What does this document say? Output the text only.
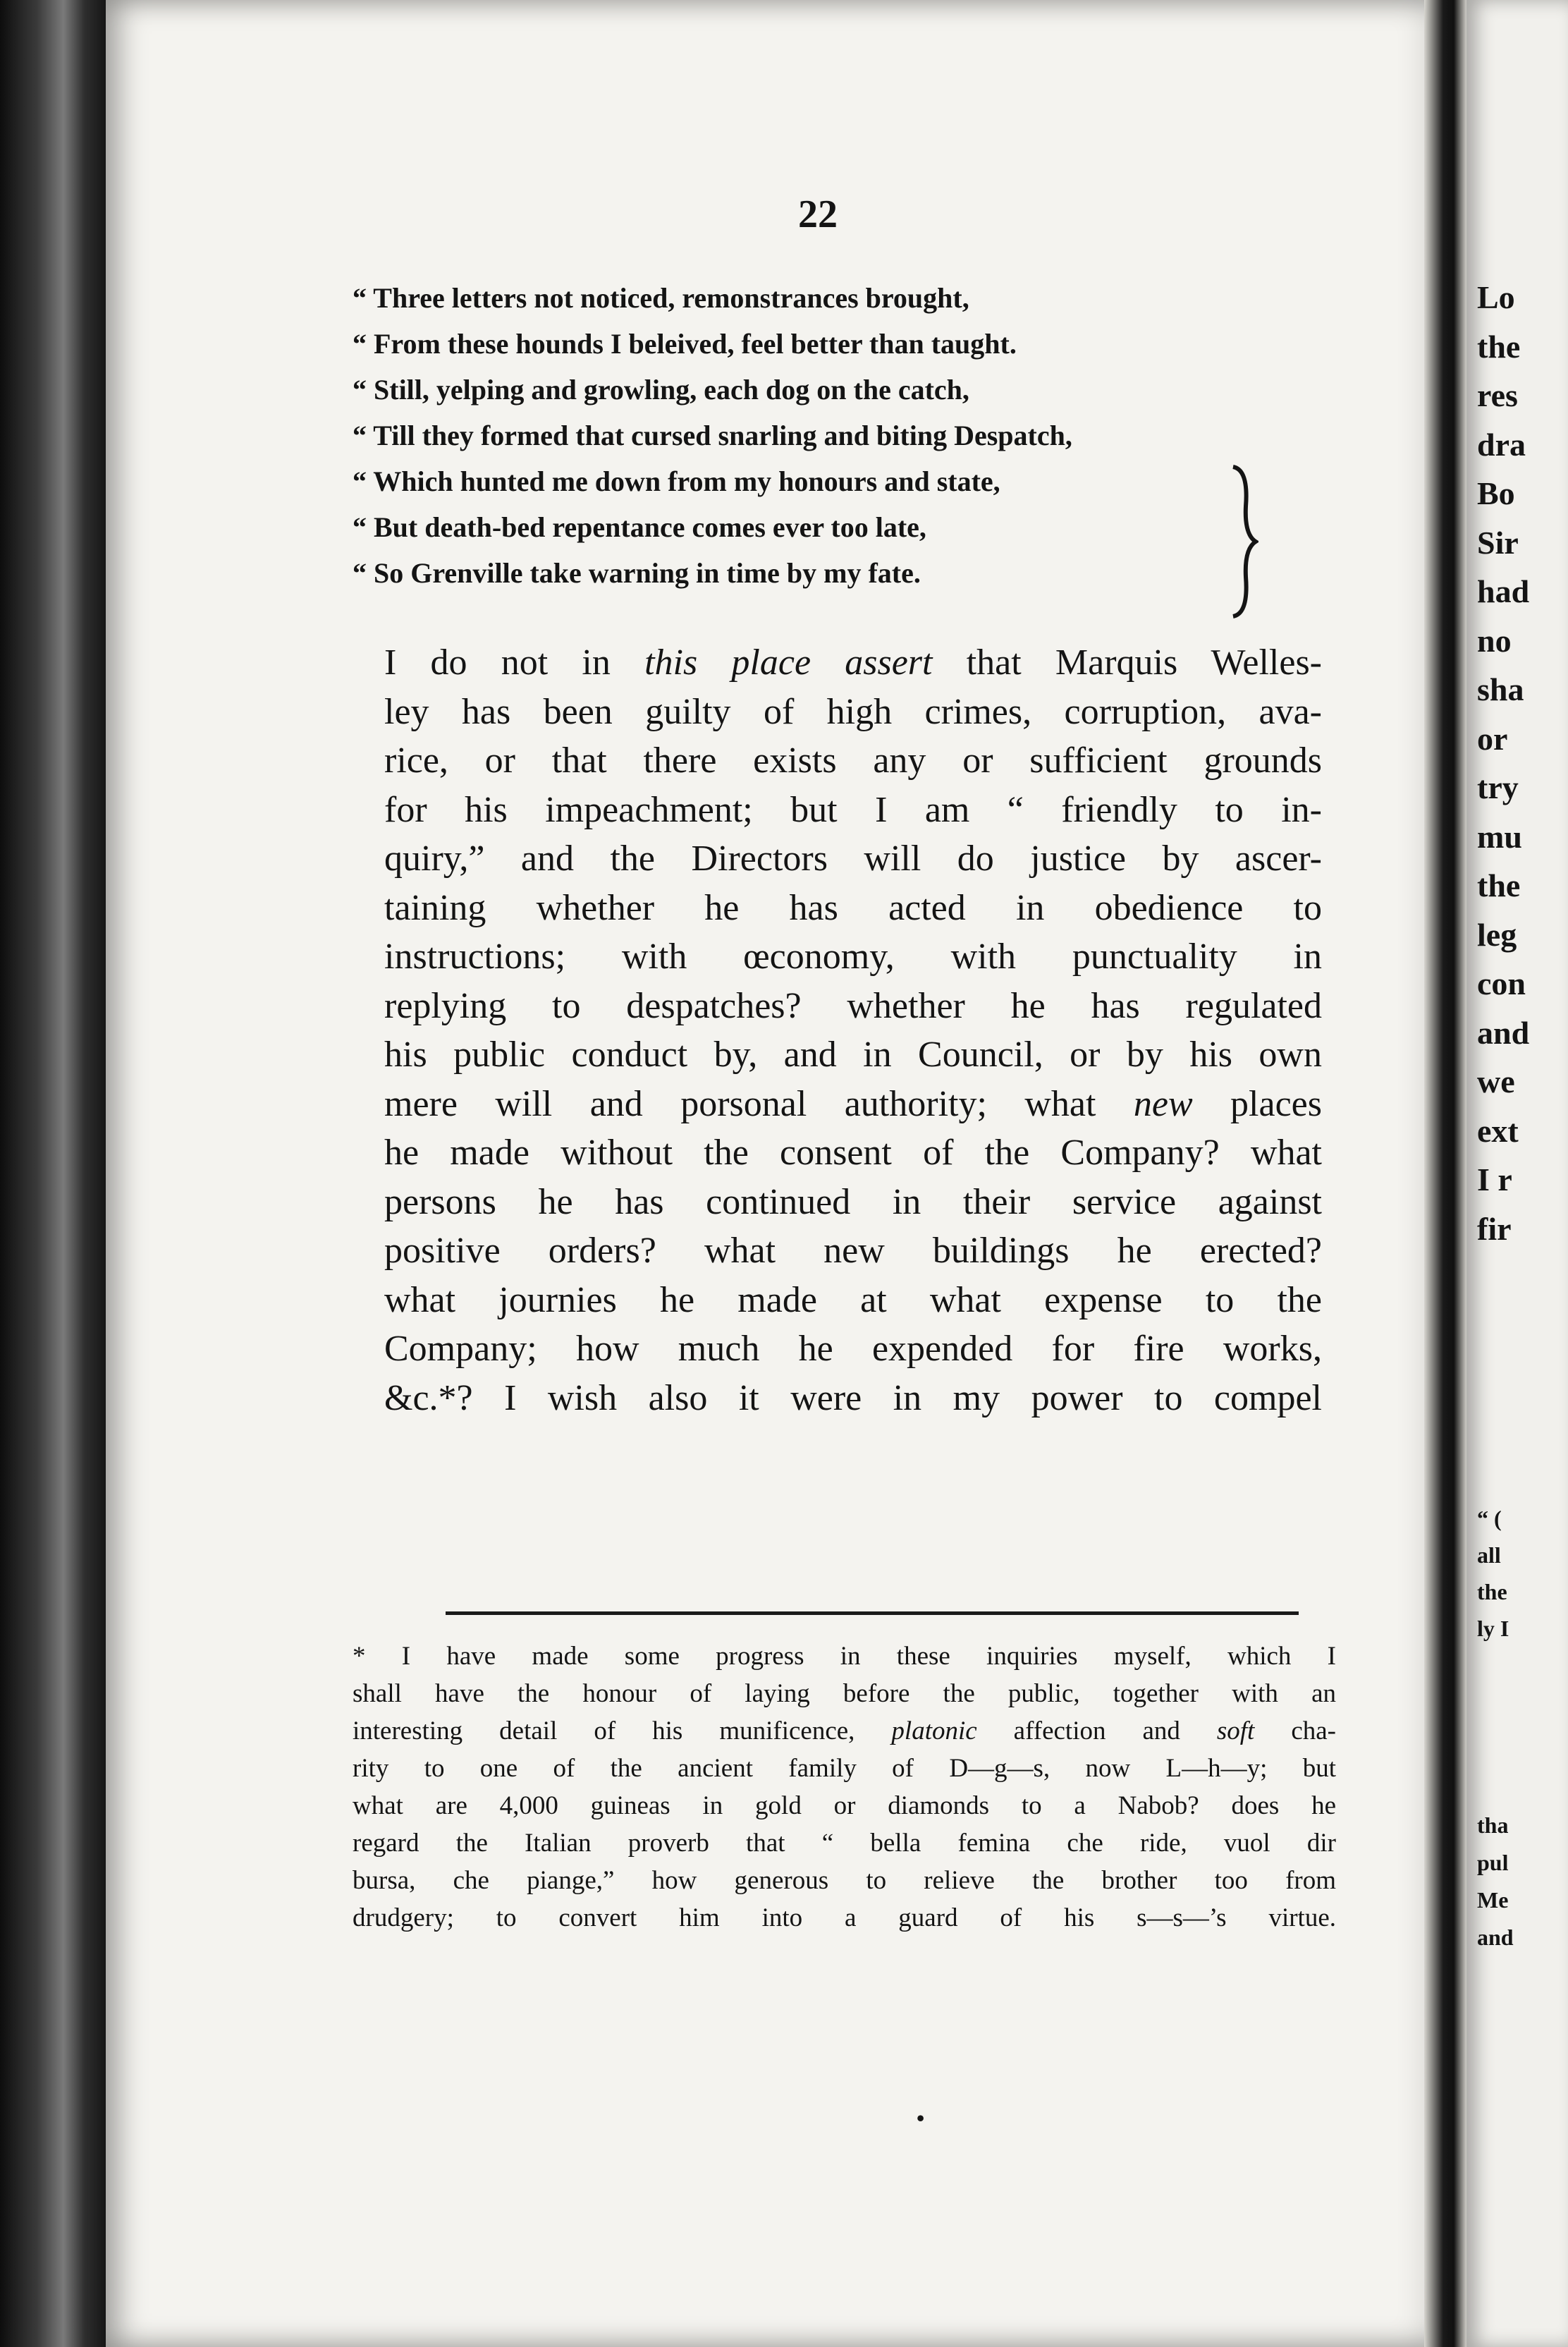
22
“ Three letters not noticed, remonstrances brought,
“ From these hounds I beleived, feel better than taught.
“ Still, yelping and growling, each dog on the catch,
“ Till they formed that cursed snarling and biting Despatch,
“ Which hunted me down from my honours and state,
“ But death-bed repentance comes ever too late,
“ So Grenville take warning in time by my fate.
I do not in this place assert that Marquis Welles-
ley has been guilty of high crimes, corruption, ava-
rice, or that there exists any or sufficient grounds
for his impeachment; but I am “ friendly to in-
quiry,” and the Directors will do justice by ascer-
taining whether he has acted in obedience to
instructions; with œconomy, with punctuality in
replying to despatches? whether he has regulated
his public conduct by, and in Council, or by his own
mere will and porsonal authority; what new places
he made without the consent of the Company? what
persons he has continued in their service against
positive orders? what new buildings he erected?
what journies he made at what expense to the
Company; how much he expended for fire works,
&c.*? I wish also it were in my power to compel
* I have made some progress in these inquiries myself, which I
shall have the honour of laying before the public, together with an
interesting detail of his munificence, platonic affection and soft cha-
rity to one of the ancient family of D—g—s, now L—h—y; but
what are 4,000 guineas in gold or diamonds to a Nabob? does he
regard the Italian proverb that “ bella femina che ride, vuol dir
bursa, che piange,” how generous to relieve the brother too from
drudgery; to convert him into a guard of his s—s—’s virtue.
•
Lo
the
res
dra
Bo
Sir
had
no
sha
or
try
mu
the
leg
con
and
we
ext
I r
fir
“ (
all
the
ly I
tha
pul
Me
and
